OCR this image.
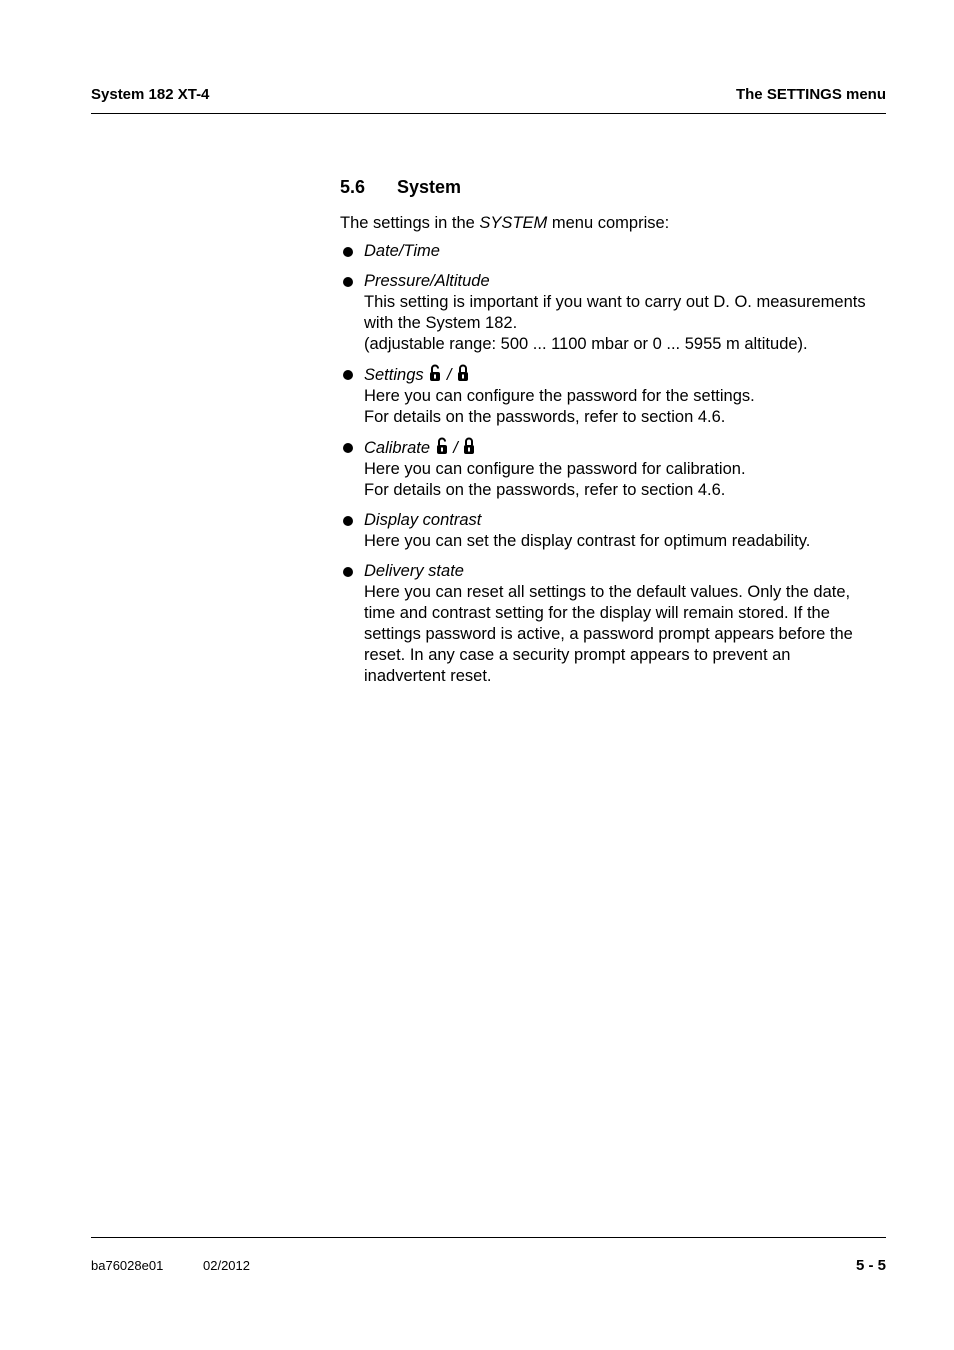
System 182 XT-4	The SETTINGS menu
5.6 System

The settings in the SYSTEM menu comprise:

Date/Time
Pressure/Altitude
This setting is important if you want to carry out D. O. measurements
with the System 182.
(adjustable range: 500 ... 1100 mbar or 0 ... 5955 m altitude).
Settings /
Here you can configure the password for the settings.
For details on the passwords, refer to section 4.6.
Calibrate /
Here you can configure the password for calibration.
For details on the passwords, refer to section 4.6.
Display contrast
Here you can set the display contrast for optimum readability.
Delivery state
Here you can reset all settings to the default values. Only the date,
time and contrast setting for the display will remain stored. If the
settings password is active, a password prompt appears before the
reset. In any case a security prompt appears to prevent an
inadvertent reset.
ba76028e01	02/2012	5 - 5
